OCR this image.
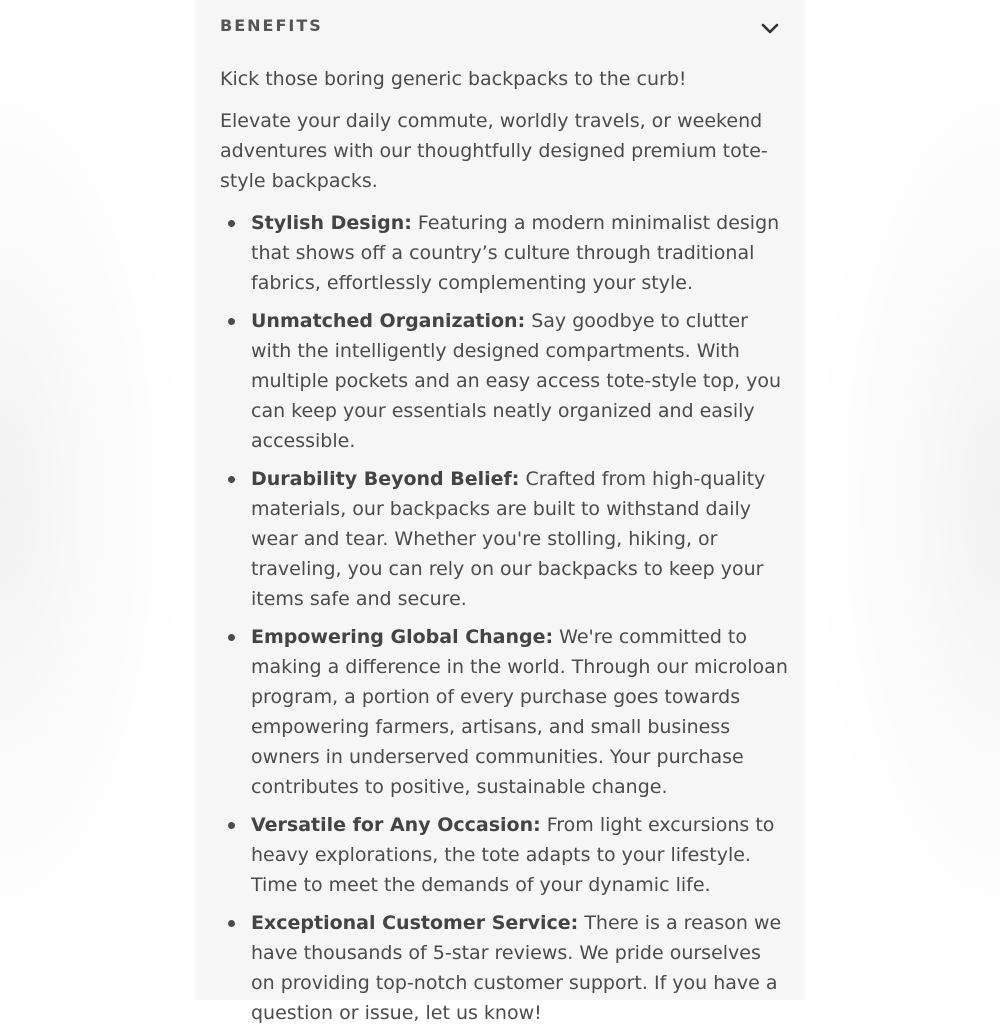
BENEFITS

Kick those boring generic backpacks to the curb!

Elevate your daily commute, worldly travels, or weekend adventures with our thoughtfully designed premium tote-style backpacks.

Stylish Design: Featuring a modern minimalist design that shows off a country’s culture through traditional fabrics, effortlessly complementing your style.
Unmatched Organization: Say goodbye to clutter with the intelligently designed compartments. With multiple pockets and an easy access tote-style top, you can keep your essentials neatly organized and easily accessible.
Durability Beyond Belief: Crafted from high-quality materials, our backpacks are built to withstand daily wear and tear. Whether you're stolling, hiking, or traveling, you can rely on our backpacks to keep your items safe and secure.
Empowering Global Change: We're committed to making a difference in the world. Through our microloan program, a portion of every purchase goes towards empowering farmers, artisans, and small business owners in underserved communities. Your purchase contributes to positive, sustainable change.
Versatile for Any Occasion: From light excursions to heavy explorations, the tote adapts to your lifestyle. Time to meet the demands of your dynamic life.
Exceptional Customer Service: There is a reason we have thousands of 5-star reviews. We pride ourselves on providing top-notch customer support. If you have a question or issue, let us know!
